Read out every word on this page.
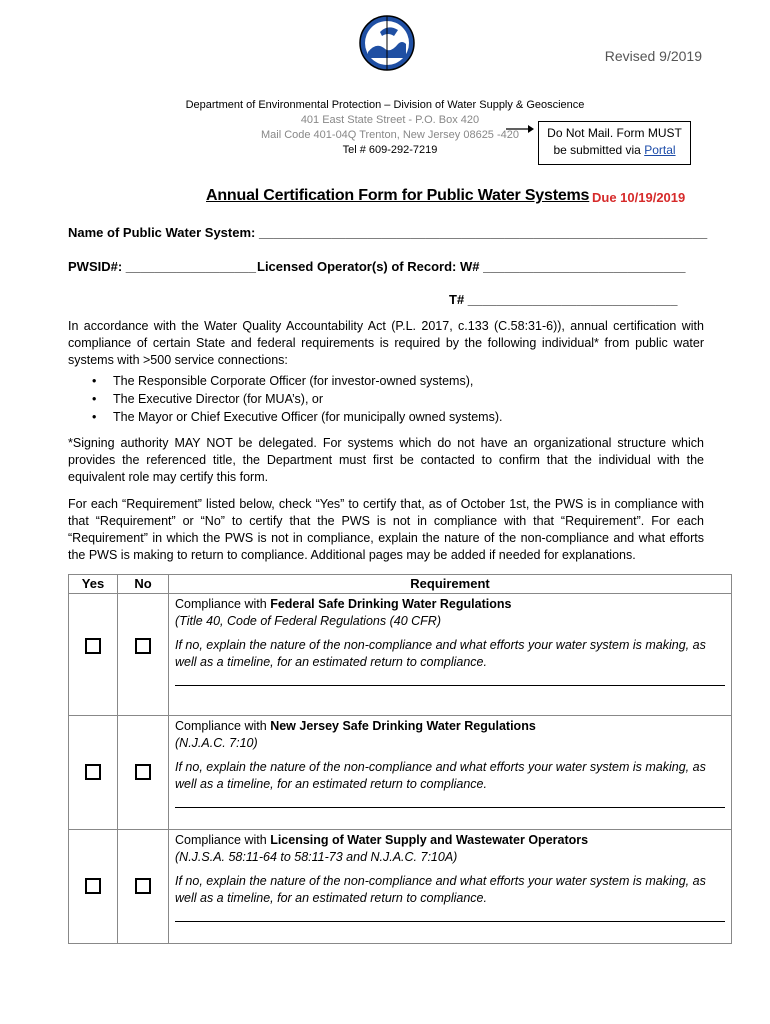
Revised 9/2019
Department of Environmental Protection – Division of Water Supply & Geoscience
401 East State Street - P.O. Box 420
Mail Code 401-04Q Trenton, New Jersey 08625 -420
Tel # 609-292-7219
Do Not Mail. Form MUST
be submitted via Portal
Annual Certification Form for Public Water Systems Due 10/19/2019
Name of Public Water System: ______________________________________________________________
PWSID#: __________________ Licensed Operator(s) of Record: W# ____________________________
T# _____________________________
In accordance with the Water Quality Accountability Act (P.L. 2017, c.133 (C.58:31-6)), annual certification with compliance of certain State and federal requirements is required by the following individual* from public water systems with >500 service connections:
• The Responsible Corporate Officer (for investor-owned systems),
• The Executive Director (for MUA’s), or
• The Mayor or Chief Executive Officer (for municipally owned systems).
*Signing authority MAY NOT be delegated. For systems which do not have an organizational structure which provides the referenced title, the Department must first be contacted to confirm that the individual with the equivalent role may certify this form.
For each “Requirement” listed below, check “Yes” to certify that, as of October 1st, the PWS is in compliance with that “Requirement” or “No” to certify that the PWS is not in compliance with that “Requirement”. For each “Requirement” in which the PWS is not in compliance, explain the nature of the non-compliance and what efforts the PWS is making to return to compliance. Additional pages may be added if needed for explanations.
Yes	No	Requirement

		Compliance with Federal Safe Drinking Water Regulations
(Title 40, Code of Federal Regulations (40 CFR)
If no, explain the nature of the non-compliance and what efforts your water system is making, as well as a timeline, for an estimated return to compliance.

		Compliance with New Jersey Safe Drinking Water Regulations
(N.J.A.C. 7:10)
If no, explain the nature of the non-compliance and what efforts your water system is making, as well as a timeline, for an estimated return to compliance.

		Compliance with Licensing of Water Supply and Wastewater Operators
(N.J.S.A. 58:11-64 to 58:11-73 and N.J.A.C. 7:10A)
If no, explain the nature of the non-compliance and what efforts your water system is making, as well as a timeline, for an estimated return to compliance.
